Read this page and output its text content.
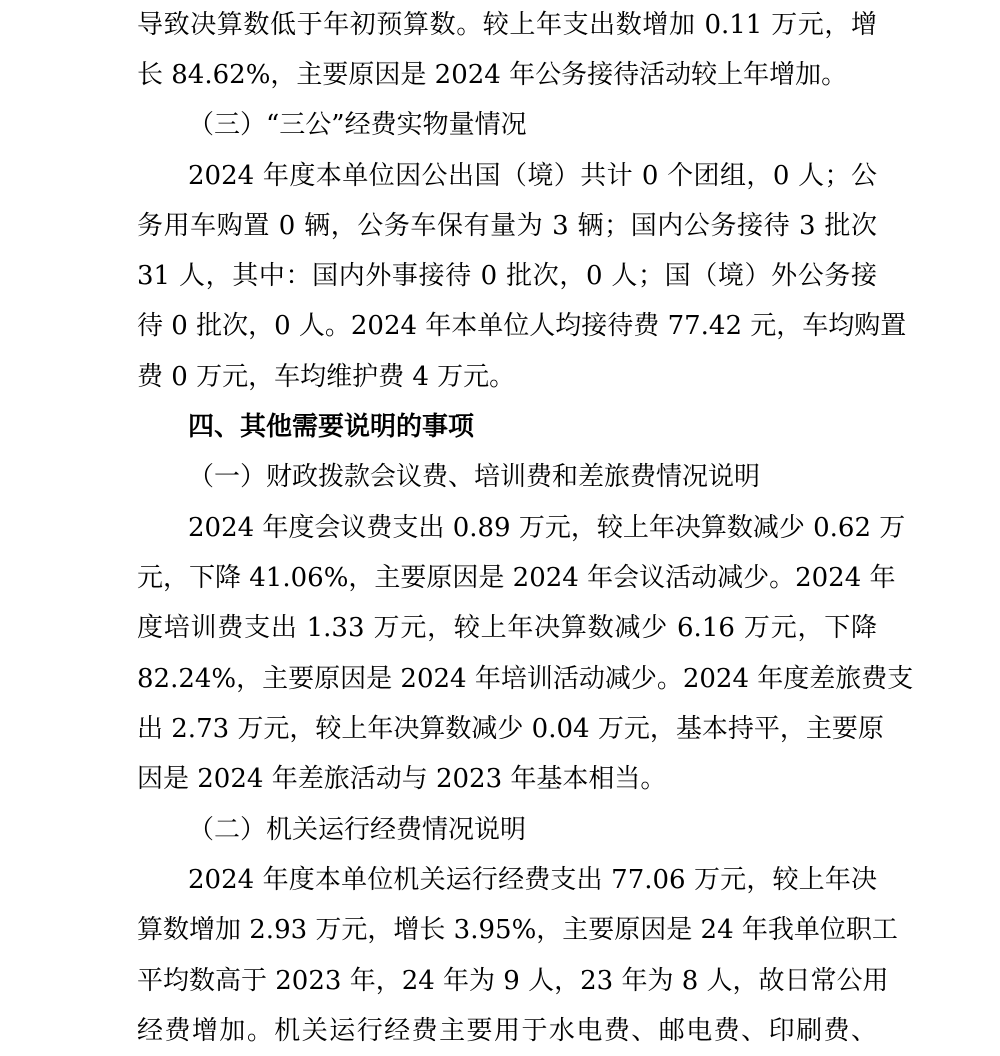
导致决算数低于年初预算数。较上年支出数增加 0.11 万元，增
长 84.62%，主要原因是 2024 年公务接待活动较上年增加。
（三）“三公”经费实物量情况
2024 年度本单位因公出国（境）共计 0 个团组，0 人；公
务用车购置 0 辆，公务车保有量为 3 辆；国内公务接待 3 批次
31 人，其中：国内外事接待 0 批次，0 人；国（境）外公务接
待 0 批次，0 人。2024 年本单位人均接待费 77.42 元，车均购置
费 0 万元，车均维护费 4 万元。
四、其他需要说明的事项
（一）财政拨款会议费、培训费和差旅费情况说明
2024 年度会议费支出 0.89 万元，较上年决算数减少 0.62 万
元，下降 41.06%，主要原因是 2024 年会议活动减少。2024 年
度培训费支出 1.33 万元，较上年决算数减少 6.16 万元，下降
82.24%，主要原因是 2024 年培训活动减少。2024 年度差旅费支
出 2.73 万元，较上年决算数减少 0.04 万元，基本持平，主要原
因是 2024 年差旅活动与 2023 年基本相当。
（二）机关运行经费情况说明
2024 年度本单位机关运行经费支出 77.06 万元，较上年决
算数增加 2.93 万元，增长 3.95%，主要原因是 24 年我单位职工
平均数高于 2023 年，24 年为 9 人，23 年为 8 人，故日常公用
经费增加。机关运行经费主要用于水电费、邮电费、印刷费、
